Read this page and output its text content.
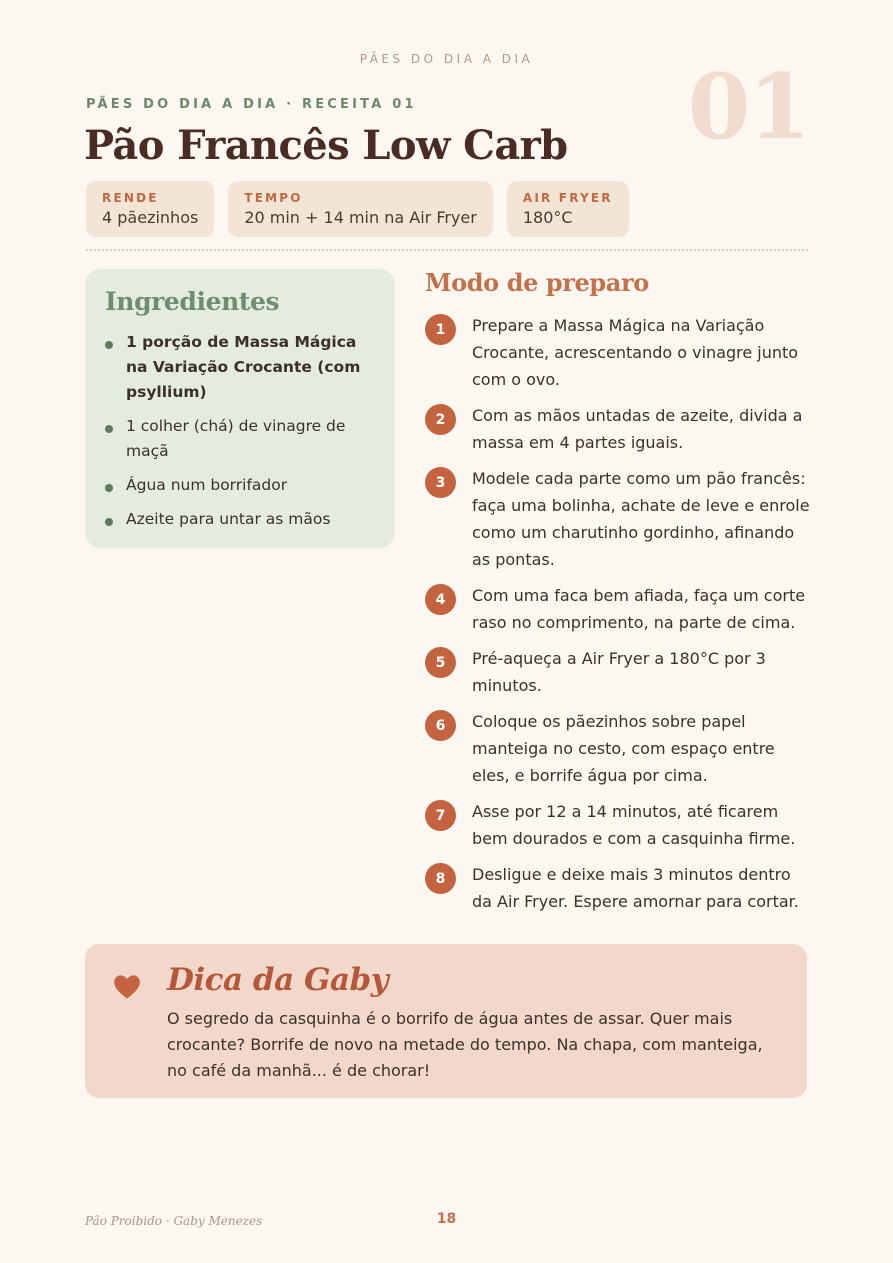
PÃES DO DIA A DIA	01
PÃES DO DIA A DIA · RECEITA 01
Pão Francês Low Carb
RENDE
4 pãezinhos
TEMPO
20 min + 14 min na Air Fryer
AIR FRYER
180°C
Ingredientes
1 porção de Massa Mágica na Variação Crocante (com psyllium)
1 colher (chá) de vinagre de maçã
Água num borrifador
Azeite para untar as mãos
Modo de preparo
1	Prepare a Massa Mágica na Variação Crocante, acrescentando o vinagre junto com o ovo.
2	Com as mãos untadas de azeite, divida a massa em 4 partes iguais.
3	Modele cada parte como um pão francês: faça uma bolinha, achate de leve e enrole como um charutinho gordinho, afinando as pontas.
4	Com uma faca bem afiada, faça um corte raso no comprimento, na parte de cima.
5	Pré-aqueça a Air Fryer a 180°C por 3 minutos.
6	Coloque os pãezinhos sobre papel manteiga no cesto, com espaço entre eles, e borrife água por cima.
7	Asse por 12 a 14 minutos, até ficarem bem dourados e com a casquinha firme.
8	Desligue e deixe mais 3 minutos dentro da Air Fryer. Espere amornar para cortar.
Dica da Gaby

O segredo da casquinha é o borrifo de água antes de assar. Quer mais crocante? Borrife de novo na metade do tempo. Na chapa, com manteiga, no café da manhã... é de chorar!

Pão Proibido · Gaby Menezes	18
